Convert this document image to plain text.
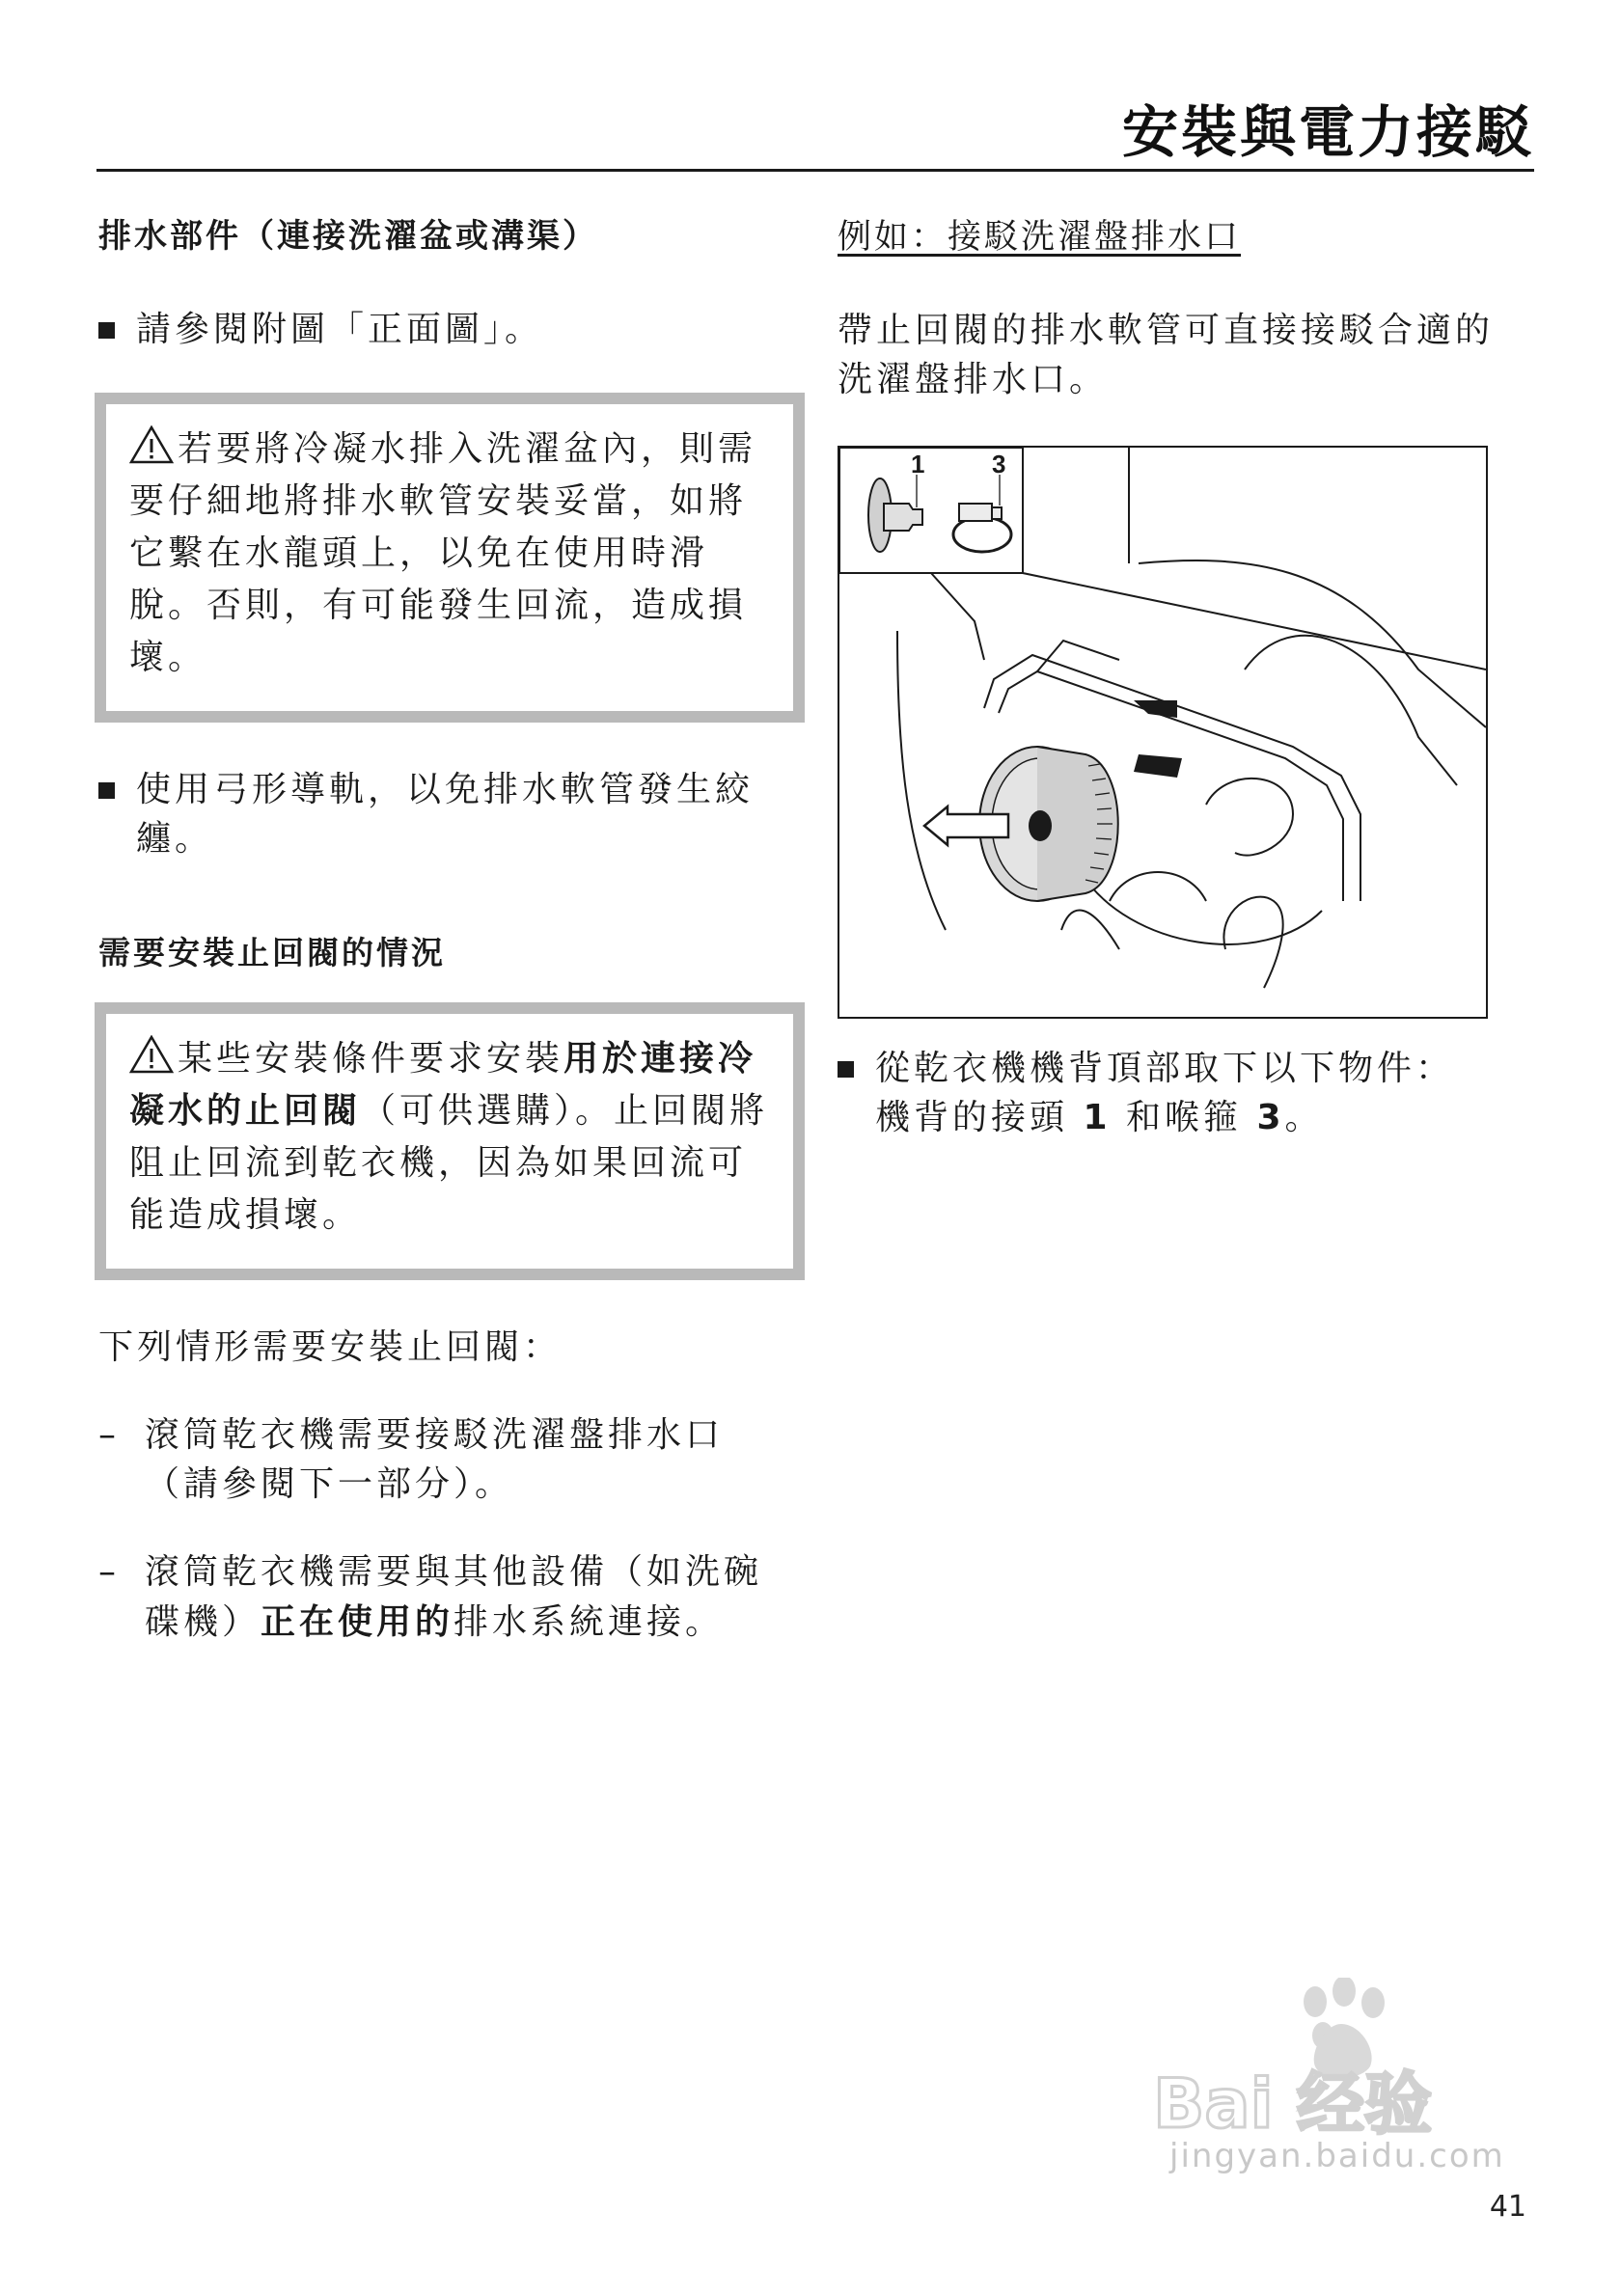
安裝與電力接駁
排水部件（連接洗濯盆或溝渠）
請參閱附圖「正面圖」。
若要將冷凝水排入洗濯盆內，則需要仔細地將排水軟管安裝妥當，如將它繫在水龍頭上，以免在使用時滑脫。否則，有可能發生回流，造成損壞。
使用弓形導軌，以免排水軟管發生絞纏。
需要安裝止回閥的情況
某些安裝條件要求安裝用於連接冷凝水的止回閥（可供選購）。止回閥將阻止回流到乾衣機，因為如果回流可能造成損壞。
下列情形需要安裝止回閥：
– 滾筒乾衣機需要接駁洗濯盤排水口（請參閱下一部分）。
– 滾筒乾衣機需要與其他設備（如洗碗碟機）正在使用的排水系統連接。
例如：接駁洗濯盤排水口
帶止回閥的排水軟管可直接接駁合適的洗濯盤排水口。
1	3
從乾衣機機背頂部取下以下物件：
機背的接頭 1 和喉箍 3。
Bai 经验
jingyan.baidu.com
41
